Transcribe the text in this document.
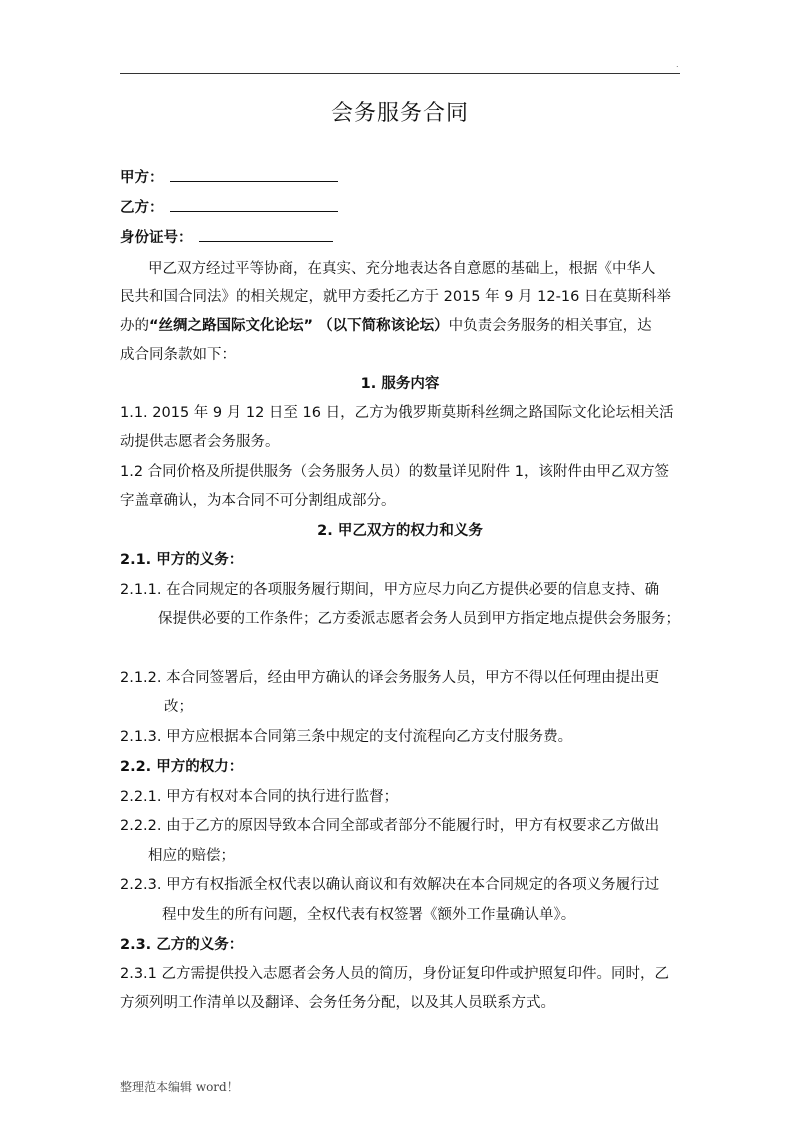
.
会务服务合同
甲方：
乙方：
身份证号：
甲乙双方经过平等协商，在真实、充分地表达各自意愿的基础上，根据《中华人
民共和国合同法》的相关规定，就甲方委托乙方于 2015 年 9 月 12-16 日在莫斯科举
办的“丝绸之路国际文化论坛” （以下简称该论坛）中负责会务服务的相关事宜，达
成合同条款如下：
1. 服务内容
1.1. 2015 年 9 月 12 日至 16 日，乙方为俄罗斯莫斯科丝绸之路国际文化论坛相关活
动提供志愿者会务服务。
1.2 合同价格及所提供服务（会务服务人员）的数量详见附件 1，该附件由甲乙双方签
字盖章确认，为本合同不可分割组成部分。
2. 甲乙双方的权力和义务
2.1. 甲方的义务：
2.1.1. 在合同规定的各项服务履行期间，甲方应尽力向乙方提供必要的信息支持、确
保提供必要的工作条件；乙方委派志愿者会务人员到甲方指定地点提供会务服务；
2.1.2. 本合同签署后，经由甲方确认的译会务服务人员，甲方不得以任何理由提出更
改；
2.1.3. 甲方应根据本合同第三条中规定的支付流程向乙方支付服务费。
2.2. 甲方的权力：
2.2.1. 甲方有权对本合同的执行进行监督；
2.2.2. 由于乙方的原因导致本合同全部或者部分不能履行时，甲方有权要求乙方做出
相应的赔偿；
2.2.3. 甲方有权指派全权代表以确认商议和有效解决在本合同规定的各项义务履行过
程中发生的所有问题，全权代表有权签署《额外工作量确认单》。
2.3. 乙方的义务：
2.3.1 乙方需提供投入志愿者会务人员的简历，身份证复印件或护照复印件。同时，乙
方须列明工作清单以及翻译、会务任务分配，以及其人员联系方式。
整理范本编辑 word！
